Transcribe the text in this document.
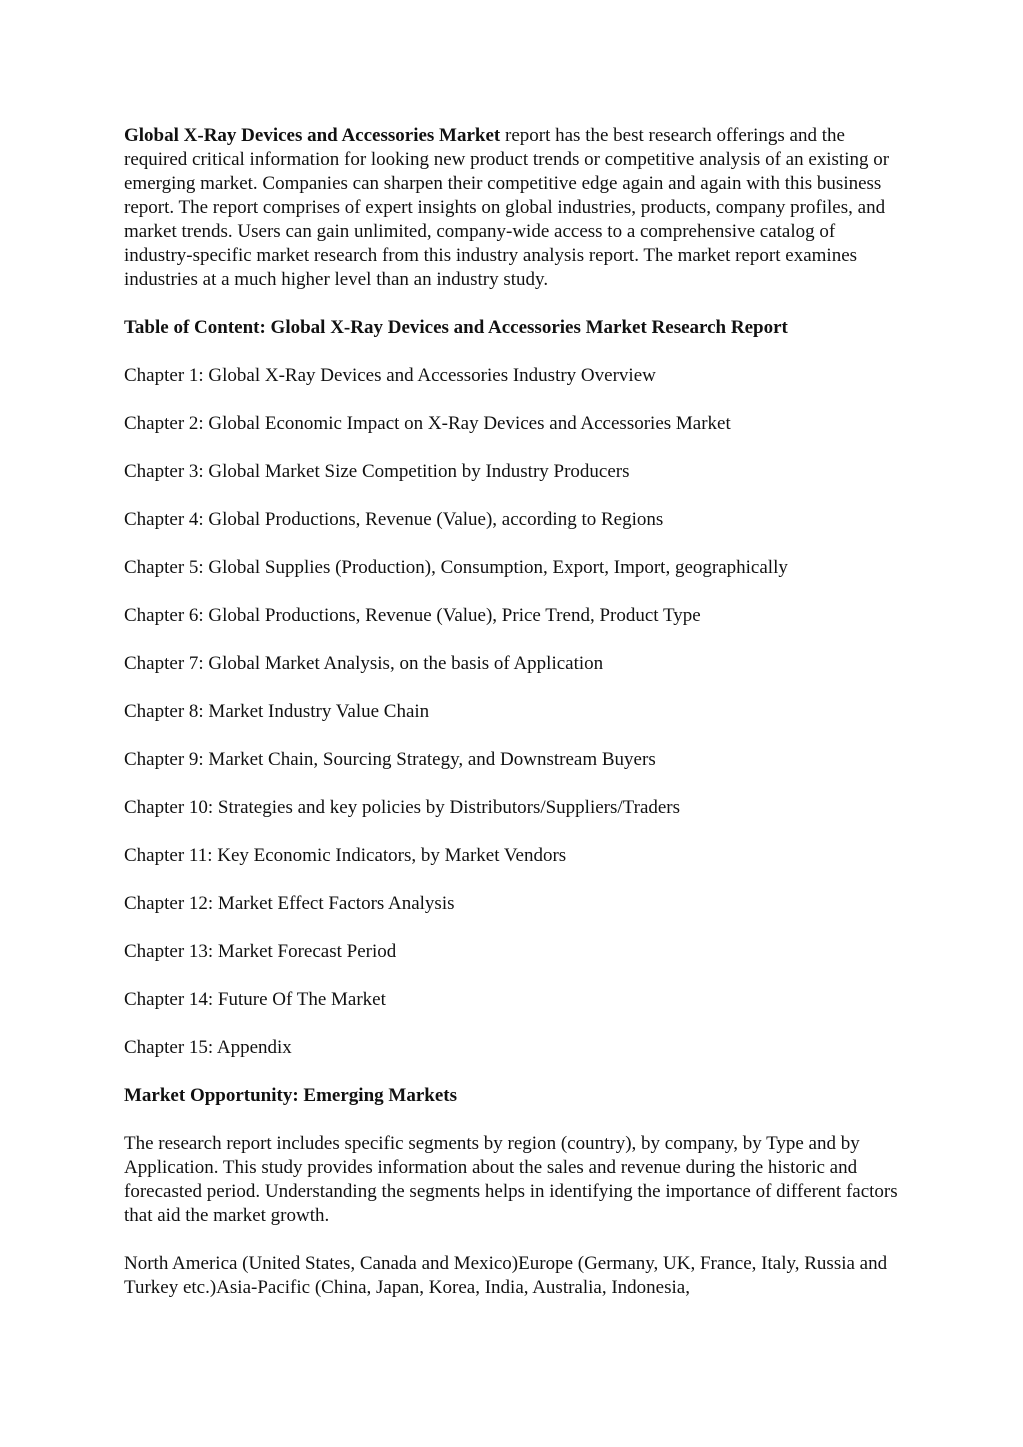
Global X-Ray Devices and Accessories Market report has the best research offerings and the required critical information for looking new product trends or competitive analysis of an existing or emerging market. Companies can sharpen their competitive edge again and again with this business report. The report comprises of expert insights on global industries, products, company profiles, and market trends. Users can gain unlimited, company-wide access to a comprehensive catalog of industry-specific market research from this industry analysis report. The market report examines industries at a much higher level than an industry study.

Table of Content: Global X-Ray Devices and Accessories Market Research Report

Chapter 1: Global X-Ray Devices and Accessories Industry Overview

Chapter 2: Global Economic Impact on X-Ray Devices and Accessories Market

Chapter 3: Global Market Size Competition by Industry Producers

Chapter 4: Global Productions, Revenue (Value), according to Regions

Chapter 5: Global Supplies (Production), Consumption, Export, Import, geographically

Chapter 6: Global Productions, Revenue (Value), Price Trend, Product Type

Chapter 7: Global Market Analysis, on the basis of Application

Chapter 8: Market Industry Value Chain

Chapter 9: Market Chain, Sourcing Strategy, and Downstream Buyers

Chapter 10: Strategies and key policies by Distributors/Suppliers/Traders

Chapter 11: Key Economic Indicators, by Market Vendors

Chapter 12: Market Effect Factors Analysis

Chapter 13: Market Forecast Period

Chapter 14: Future Of The Market

Chapter 15: Appendix

Market Opportunity: Emerging Markets

The research report includes specific segments by region (country), by company, by Type and by Application. This study provides information about the sales and revenue during the historic and forecasted period. Understanding the segments helps in identifying the importance of different factors that aid the market growth.

North America (United States, Canada and Mexico)Europe (Germany, UK, France, Italy, Russia and Turkey etc.)Asia-Pacific (China, Japan, Korea, India, Australia, Indonesia,
